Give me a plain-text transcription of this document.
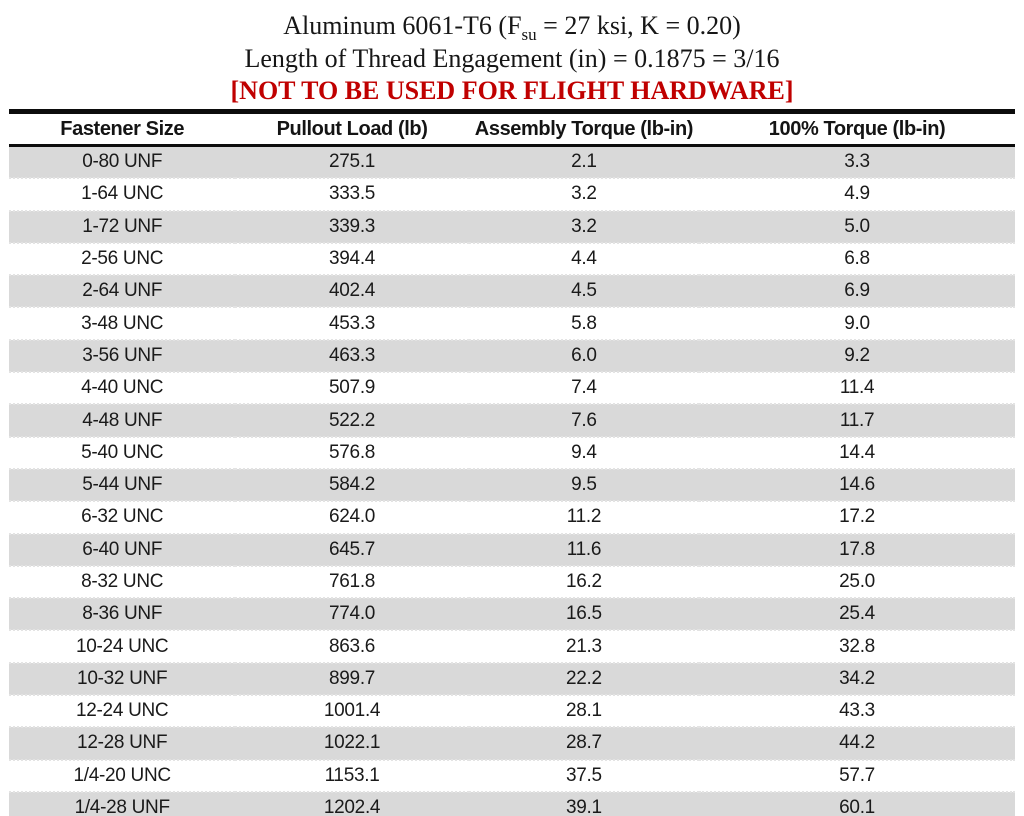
Aluminum 6061-T6 ($F_{su} = 27$ ksi, K = 0.20)
Length of Thread Engagement (in) = 0.1875 = 3/16
[NOT TO BE USED FOR FLIGHT HARDWARE]
Fastener Size	Pullout Load (lb)	Assembly Torque (lb-in)	100% Torque (lb-in)
0-80 UNF	275.1	2.1	3.3
1-64 UNC	333.5	3.2	4.9
1-72 UNF	339.3	3.2	5.0
2-56 UNC	394.4	4.4	6.8
2-64 UNF	402.4	4.5	6.9
3-48 UNC	453.3	5.8	9.0
3-56 UNF	463.3	6.0	9.2
4-40 UNC	507.9	7.4	11.4
4-48 UNF	522.2	7.6	11.7
5-40 UNC	576.8	9.4	14.4
5-44 UNF	584.2	9.5	14.6
6-32 UNC	624.0	11.2	17.2
6-40 UNF	645.7	11.6	17.8
8-32 UNC	761.8	16.2	25.0
8-36 UNF	774.0	16.5	25.4
10-24 UNC	863.6	21.3	32.8
10-32 UNF	899.7	22.2	34.2
12-24 UNC	1001.4	28.1	43.3
12-28 UNF	1022.1	28.7	44.2
1/4-20 UNC	1153.1	37.5	57.7
1/4-28 UNF	1202.4	39.1	60.1
